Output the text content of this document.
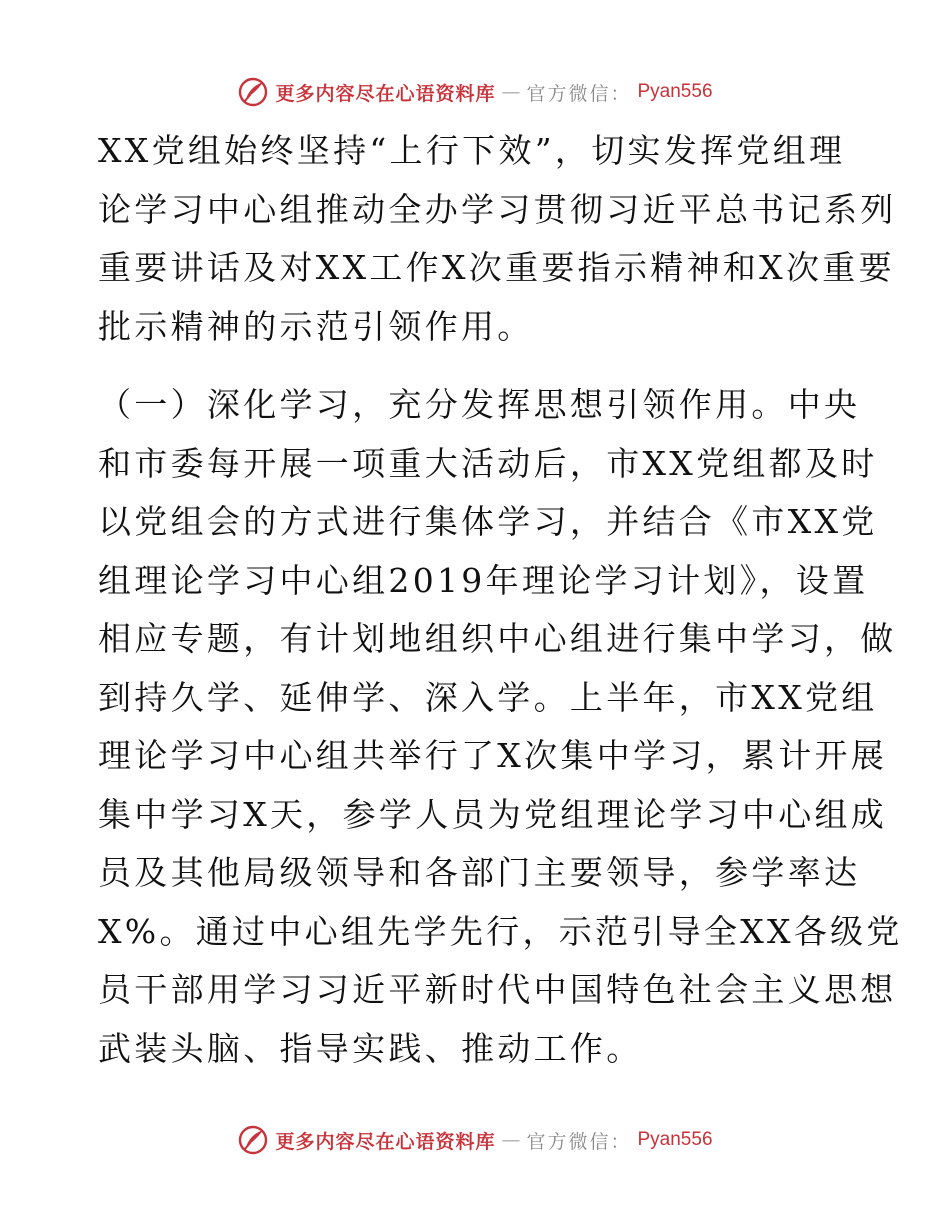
更多内容尽在心语资料库 — 官方微信： Pyan556

XX党组始终坚持“上行下效”，切实发挥党组理
论学习中心组推动全办学习贯彻习近平总书记系列
重要讲话及对XX工作X次重要指示精神和X次重要
批示精神的示范引领作用。

（一）深化学习，充分发挥思想引领作用。中央
和市委每开展一项重大活动后，市XX党组都及时
以党组会的方式进行集体学习，并结合《市XX党
组理论学习中心组2019年理论学习计划》，设置
相应专题，有计划地组织中心组进行集中学习，做
到持久学、延伸学、深入学。上半年，市XX党组
理论学习中心组共举行了X次集中学习，累计开展
集中学习X天，参学人员为党组理论学习中心组成
员及其他局级领导和各部门主要领导，参学率达
X%。通过中心组先学先行，示范引导全XX各级党
员干部用学习习近平新时代中国特色社会主义思想
武装头脑、指导实践、推动工作。

更多内容尽在心语资料库 — 官方微信： Pyan556
